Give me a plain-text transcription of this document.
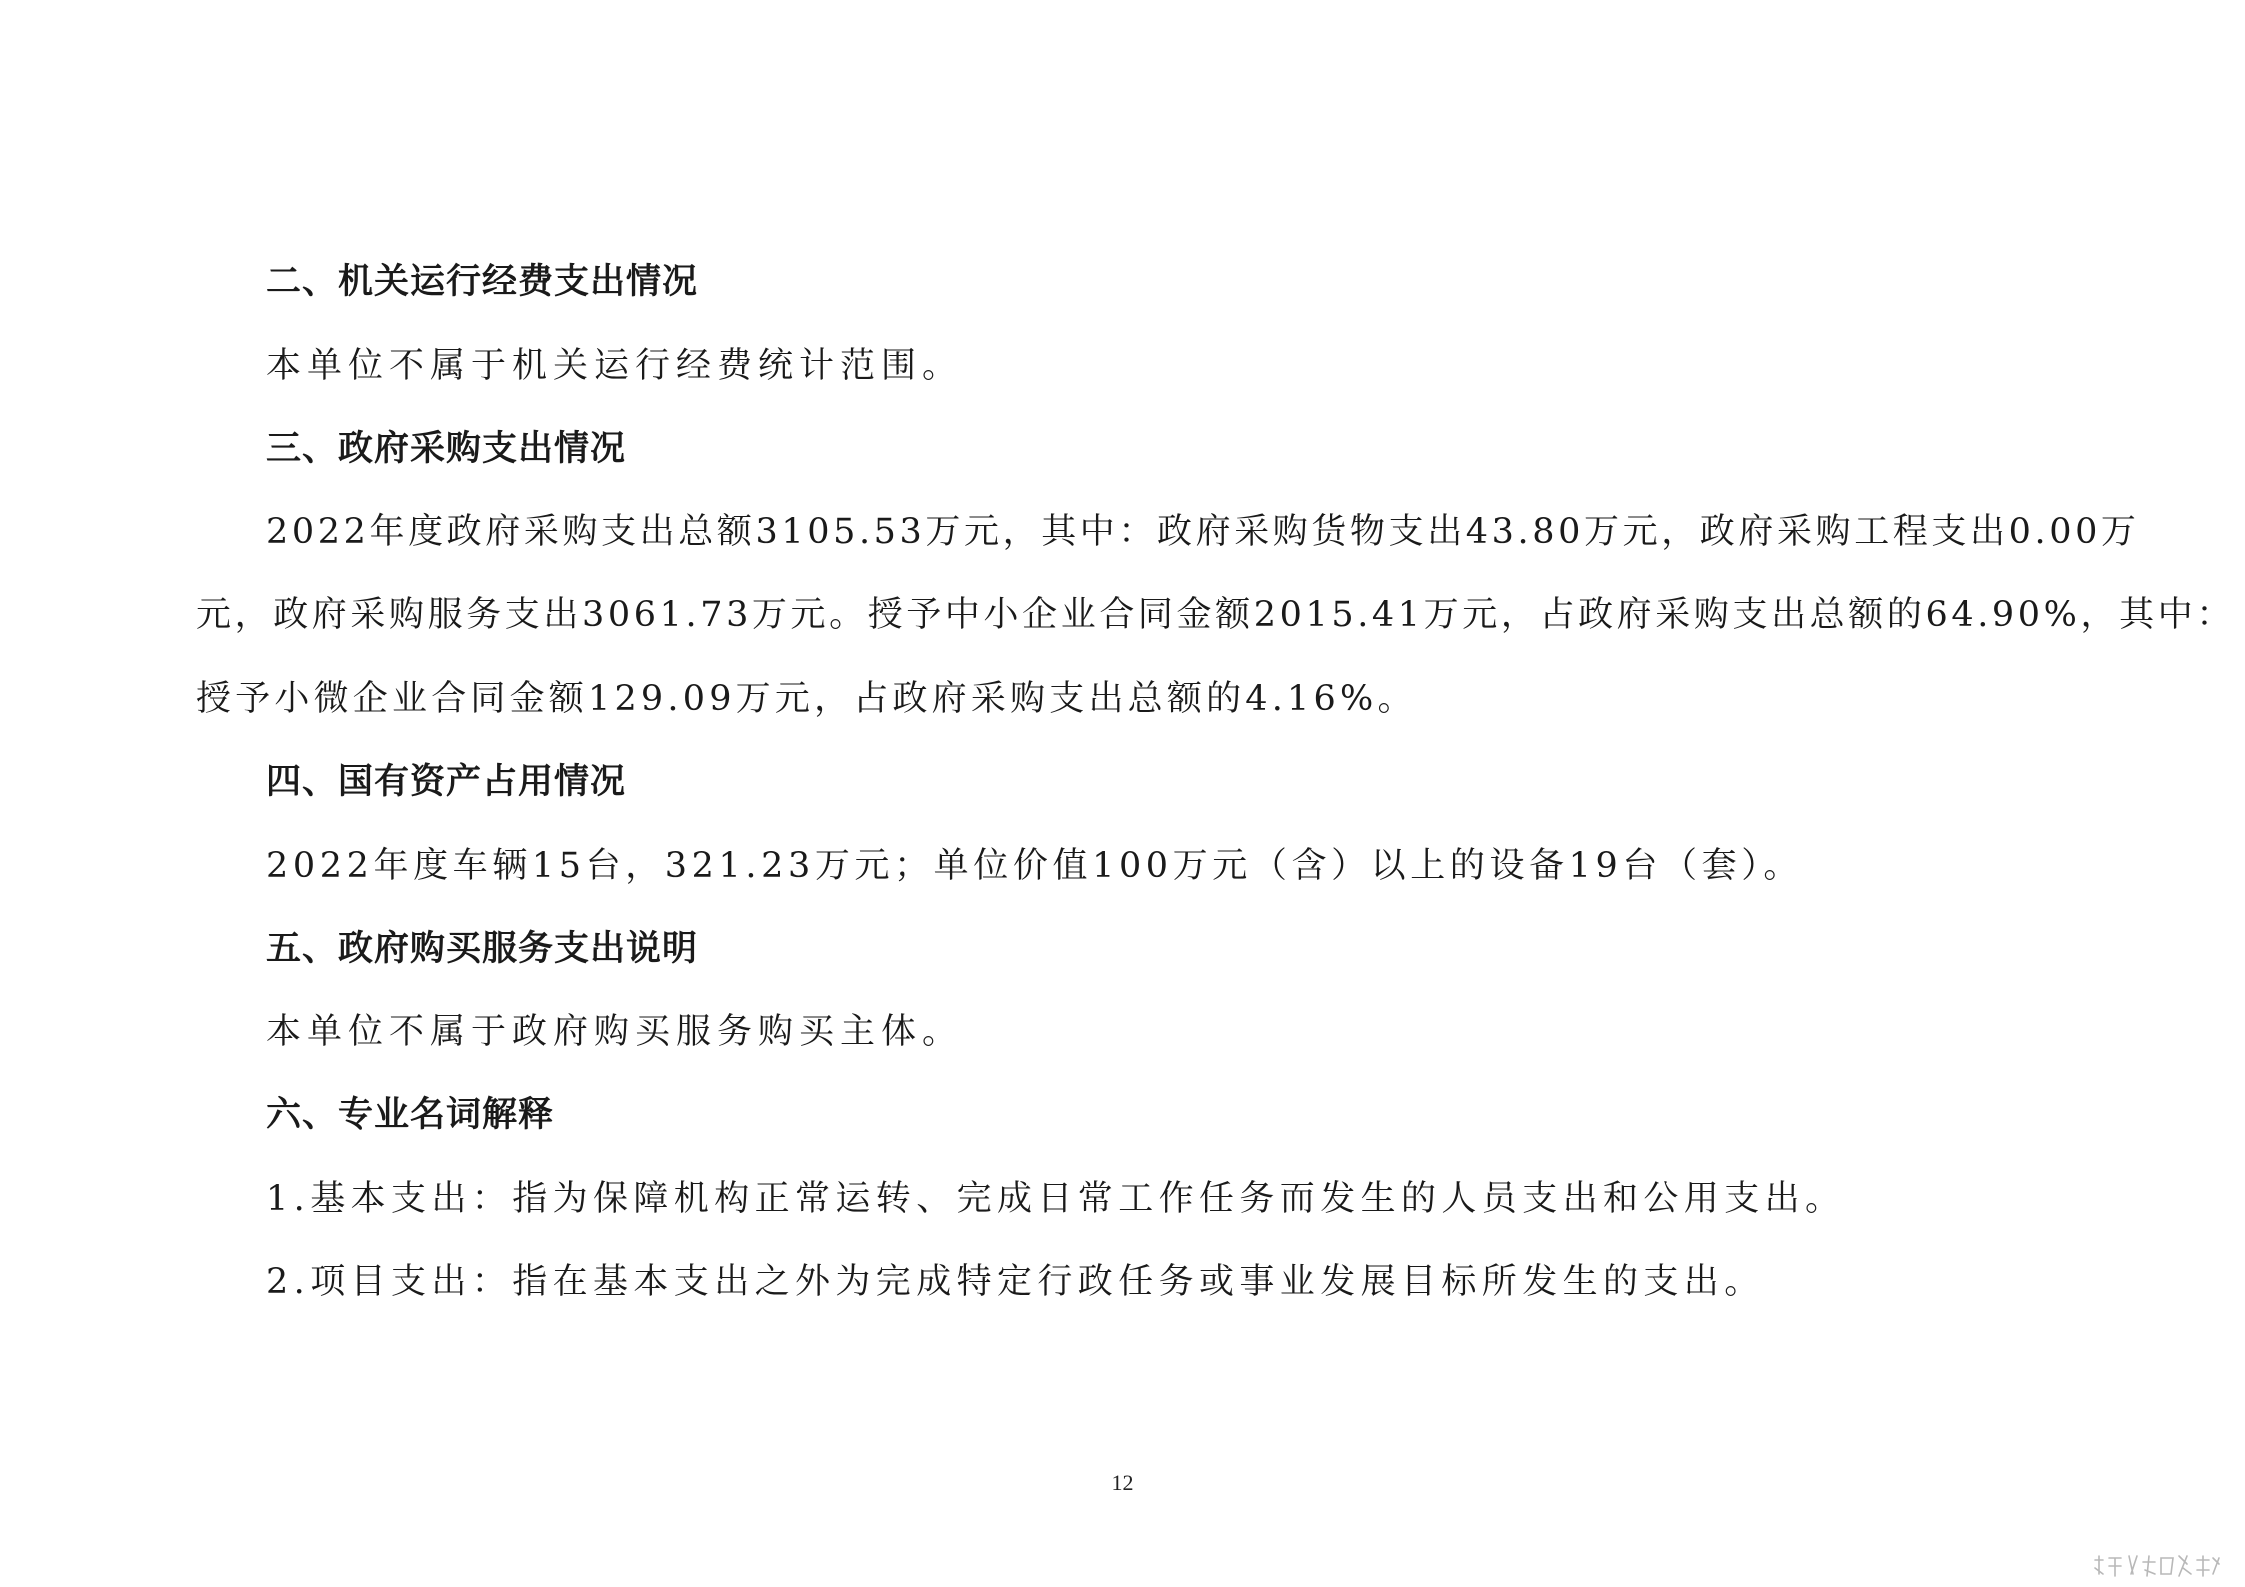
二、机关运行经费支出情况
本单位不属于机关运行经费统计范围。
三、政府采购支出情况
2022年度政府采购支出总额3105.53万元，其中：政府采购货物支出43.80万元，政府采购工程支出0.00万
元，政府采购服务支出3061.73万元。授予中小企业合同金额2015.41万元，占政府采购支出总额的64.90%，其中：
授予小微企业合同金额129.09万元，占政府采购支出总额的4.16%。
四、国有资产占用情况
2022年度车辆15台，321.23万元；单位价值100万元（含）以上的设备19台（套）。
五、政府购买服务支出说明
本单位不属于政府购买服务购买主体。
六、专业名词解释
1.基本支出：指为保障机构正常运转、完成日常工作任务而发生的人员支出和公用支出。
2.项目支出：指在基本支出之外为完成特定行政任务或事业发展目标所发生的支出。
12
